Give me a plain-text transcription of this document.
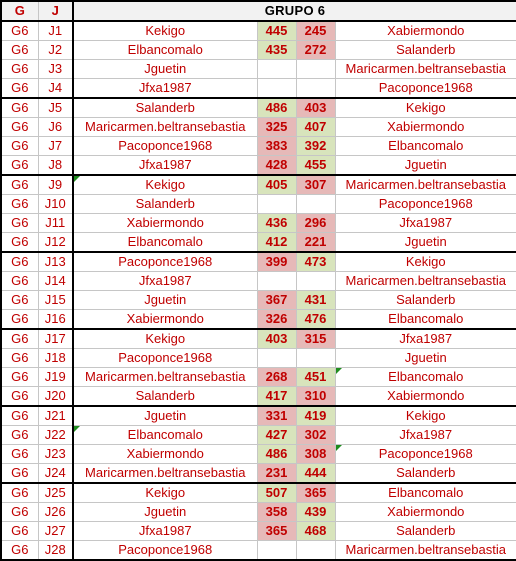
G	J	GRUPO 6			
G6	J1	Kekigo	445	245	Xabiermondo
G6	J2	Elbancomalo	435	272	Salanderb
G6	J3	Jguetin			Maricarmen.beltransebastia
G6	J4	Jfxa1987			Pacoponce1968
G6	J5	Salanderb	486	403	Kekigo
G6	J6	Maricarmen.beltransebastia	325	407	Xabiermondo
G6	J7	Pacoponce1968	383	392	Elbancomalo
G6	J8	Jfxa1987	428	455	Jguetin
G6	J9	Kekigo	405	307	Maricarmen.beltransebastia
G6	J10	Salanderb			Pacoponce1968
G6	J11	Xabiermondo	436	296	Jfxa1987
G6	J12	Elbancomalo	412	221	Jguetin
G6	J13	Pacoponce1968	399	473	Kekigo
G6	J14	Jfxa1987			Maricarmen.beltransebastia
G6	J15	Jguetin	367	431	Salanderb
G6	J16	Xabiermondo	326	476	Elbancomalo
G6	J17	Kekigo	403	315	Jfxa1987
G6	J18	Pacoponce1968			Jguetin
G6	J19	Maricarmen.beltransebastia	268	451	Elbancomalo
G6	J20	Salanderb	417	310	Xabiermondo
G6	J21	Jguetin	331	419	Kekigo
G6	J22	Elbancomalo	427	302	Jfxa1987
G6	J23	Xabiermondo	486	308	Pacoponce1968
G6	J24	Maricarmen.beltransebastia	231	444	Salanderb
G6	J25	Kekigo	507	365	Elbancomalo
G6	J26	Jguetin	358	439	Xabiermondo
G6	J27	Jfxa1987	365	468	Salanderb
G6	J28	Pacoponce1968			Maricarmen.beltransebastia
